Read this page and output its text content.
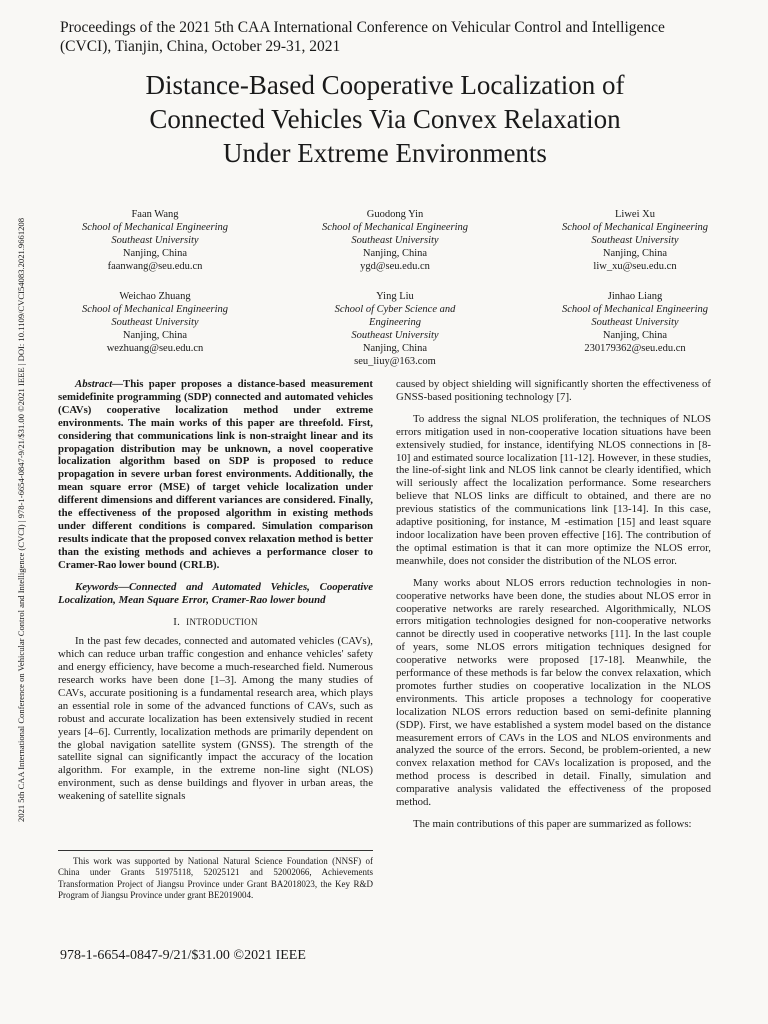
Proceedings of the 2021 5th CAA International Conference on Vehicular Control and Intelligence (CVCI), Tianjin, China, October 29-31, 2021
Distance-Based Cooperative Localization of
Connected Vehicles Via Convex Relaxation
Under Extreme Environments
2021 5th CAA International Conference on Vehicular Control and Intelligence (CVCI) | 978-1-6654-0847-9/21/$31.00 ©2021 IEEE | DOI: 10.1109/CVCI54083.2021.9661208
Faan Wang
School of Mechanical Engineering
Southeast University
Nanjing, China
faanwang@seu.edu.cn
Guodong Yin
School of Mechanical Engineering
Southeast University
Nanjing, China
ygd@seu.edu.cn
Liwei Xu
School of Mechanical Engineering
Southeast University
Nanjing, China
liw_xu@seu.edu.cn
Weichao Zhuang
School of Mechanical Engineering
Southeast University
Nanjing, China
wezhuang@seu.edu.cn
Ying Liu
School of Cyber Science and
Engineering
Southeast University
Nanjing, China
seu_liuy@163.com
Jinhao Liang
School of Mechanical Engineering
Southeast University
Nanjing, China
230179362@seu.edu.cn

Abstract—This paper proposes a distance-based measurement semidefinite programming (SDP) connected and automated vehicles (CAVs) cooperative localization method under extreme environments. The main works of this paper are threefold. First, considering that communications link is non-straight linear and its propagation distribution may be unknown, a novel cooperative localization algorithm based on SDP is proposed to reduce propagation in severe urban forest environments. Additionally, the mean square error (MSE) of target vehicle localization under different dimensions and different variances are considered. Finally, the effectiveness of the proposed algorithm in existing methods under different conditions is compared. Simulation comparison results indicate that the proposed convex relaxation method is better than the existing methods and achieves a performance closer to Cramer-Rao lower bound (CRLB).

Keywords—Connected and Automated Vehicles, Cooperative Localization, Mean Square Error, Cramer-Rao lower bound

I. INTRODUCTION

In the past few decades, connected and automated vehicles (CAVs), which can reduce urban traffic congestion and enhance vehicles' safety and energy efficiency, have become a much-researched field. Numerous research works have been done [1–3]. Among the many studies of CAVs, accurate positioning is a fundamental research area, which plays an essential role in some of the advanced functions of CAVs, such as robust and accurate localization has been extensively studied in recent years [4–6]. Currently, localization methods are primarily dependent on the global navigation satellite system (GNSS). The strength of the satellite signal can significantly impact the accuracy of the location algorithm. For example, in the extreme non-line sight (NLOS) environment, such as dense buildings and flyover in urban areas, the weakening of satellite signals

This work was supported by National Natural Science Foundation (NNSF) of China under Grants 51975118, 52025121 and 52002066, Achievements Transformation Project of Jiangsu Province under Grant BA2018023, the Key R&D Program of Jiangsu Province under grant BE2019004.

caused by object shielding will significantly shorten the effectiveness of GNSS-based positioning technology [7].

To address the signal NLOS proliferation, the techniques of NLOS errors mitigation used in non-cooperative location situations have been extensively studied, for instance, identifying NLOS connections in [8-10] and estimated source localization [11-12]. However, in these studies, the line-of-sight link and NLOS link cannot be clearly identified, which will seriously affect the localization performance. Some researchers believe that NLOS links are difficult to obtained, and there are no previous statistics of the communications link [13-14]. In this case, adaptive positioning, for instance, M -estimation [15] and least square indoor localization have been proven effective [16]. The contribution of the optimal estimation is that it can more optimize the NLOS error, meanwhile, does not consider the distribution of the NLOS error.

Many works about NLOS errors reduction technologies in non-cooperative networks have been done, the studies about NLOS error in cooperative networks are rarely researched. Algorithmically, NLOS errors mitigation technologies designed for non-cooperative networks cannot be directly used in cooperative networks [11]. In the last couple of years, some NLOS errors mitigation techniques designed for cooperative networks were proposed [17-18]. Meanwhile, the performance of these methods is far below the convex relaxation, which promotes further studies on cooperative localization in the NLOS environments. This article proposes a technology for cooperative localization NLOS errors reduction based on semi-definite planning (SDP). First, we have established a system model based on the distance measurement errors of CAVs in the LOS and NLOS environments and analyzed the source of the errors. Second, be problem-oriented, a new convex relaxation method for CAVs localization is proposed, and the method process is described in detail. Finally, simulation and comparative analysis validated the effectiveness of the proposed method.

The main contributions of this paper are summarized as follows:

978-1-6654-0847-9/21/$31.00 ©2021 IEEE
